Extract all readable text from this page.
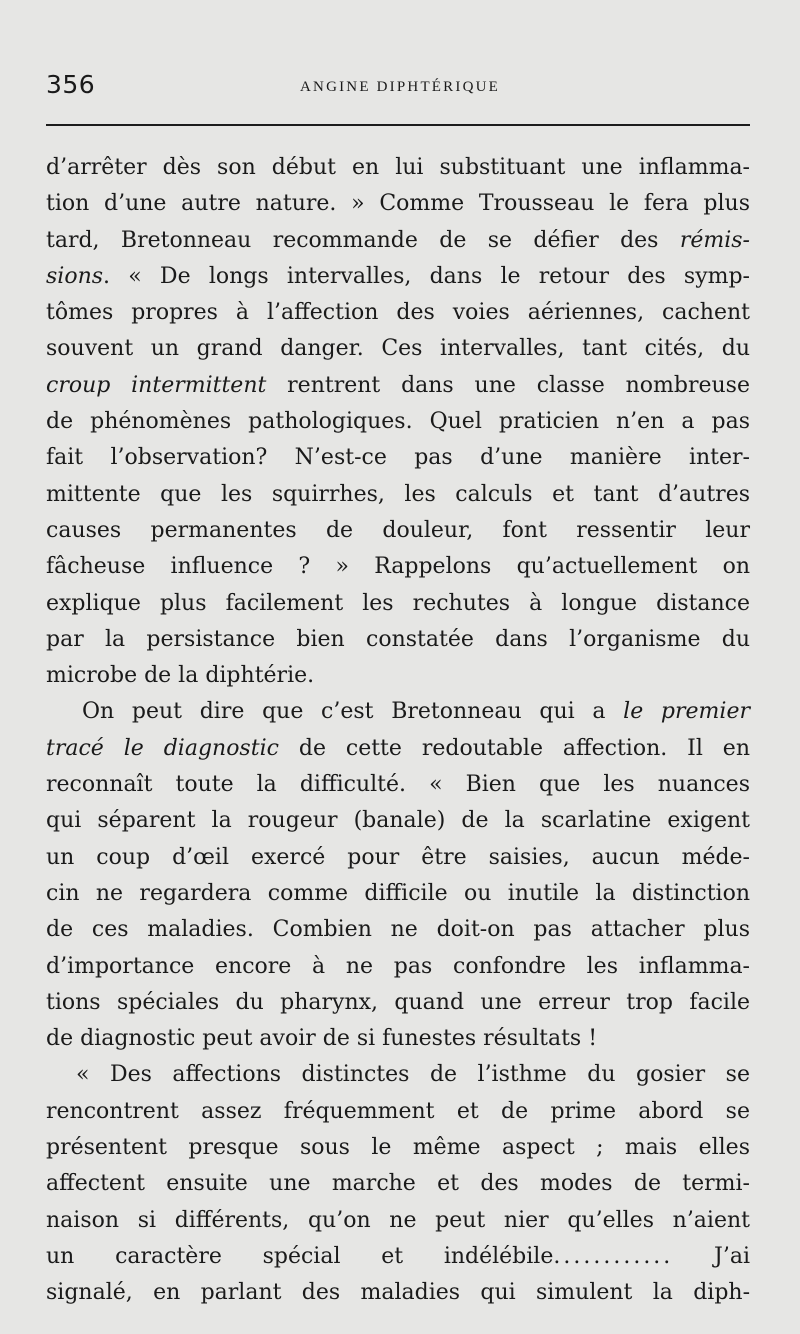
356	ANGINE DIPHTÉRIQUE
d’arrêter dès son début en lui substituant une inflamma-
tion d’une autre nature. » Comme Trousseau le fera plus
tard, Bretonneau recommande de se défier des rémis-
sions. « De longs intervalles, dans le retour des symp-
tômes propres à l’affection des voies aériennes, cachent
souvent un grand danger. Ces intervalles, tant cités, du
croup intermittent rentrent dans une classe nombreuse
de phénomènes pathologiques. Quel praticien n’en a pas
fait l’observation? N’est-ce pas d’une manière inter-
mittente que les squirrhes, les calculs et tant d’autres
causes permanentes de douleur, font ressentir leur
fâcheuse influence ? » Rappelons qu’actuellement on
explique plus facilement les rechutes à longue distance
par la persistance bien constatée dans l’organisme du
microbe de la diphtérie.
On peut dire que c’est Bretonneau qui a le premier
tracé le diagnostic de cette redoutable affection. Il en
reconnaît toute la difficulté. « Bien que les nuances
qui séparent la rougeur (banale) de la scarlatine exigent
un coup d’œil exercé pour être saisies, aucun méde-
cin ne regardera comme difficile ou inutile la distinction
de ces maladies. Combien ne doit-on pas attacher plus
d’importance encore à ne pas confondre les inflamma-
tions spéciales du pharynx, quand une erreur trop facile
de diagnostic peut avoir de si funestes résultats !
« Des affections distinctes de l’isthme du gosier se
rencontrent assez fréquemment et de prime abord se
présentent presque sous le même aspect ; mais elles
affectent ensuite une marche et des modes de termi-
naison si différents, qu’on ne peut nier qu’elles n’aient
un caractère spécial et indélébile............ J’ai
signalé, en parlant des maladies qui simulent la diph-
